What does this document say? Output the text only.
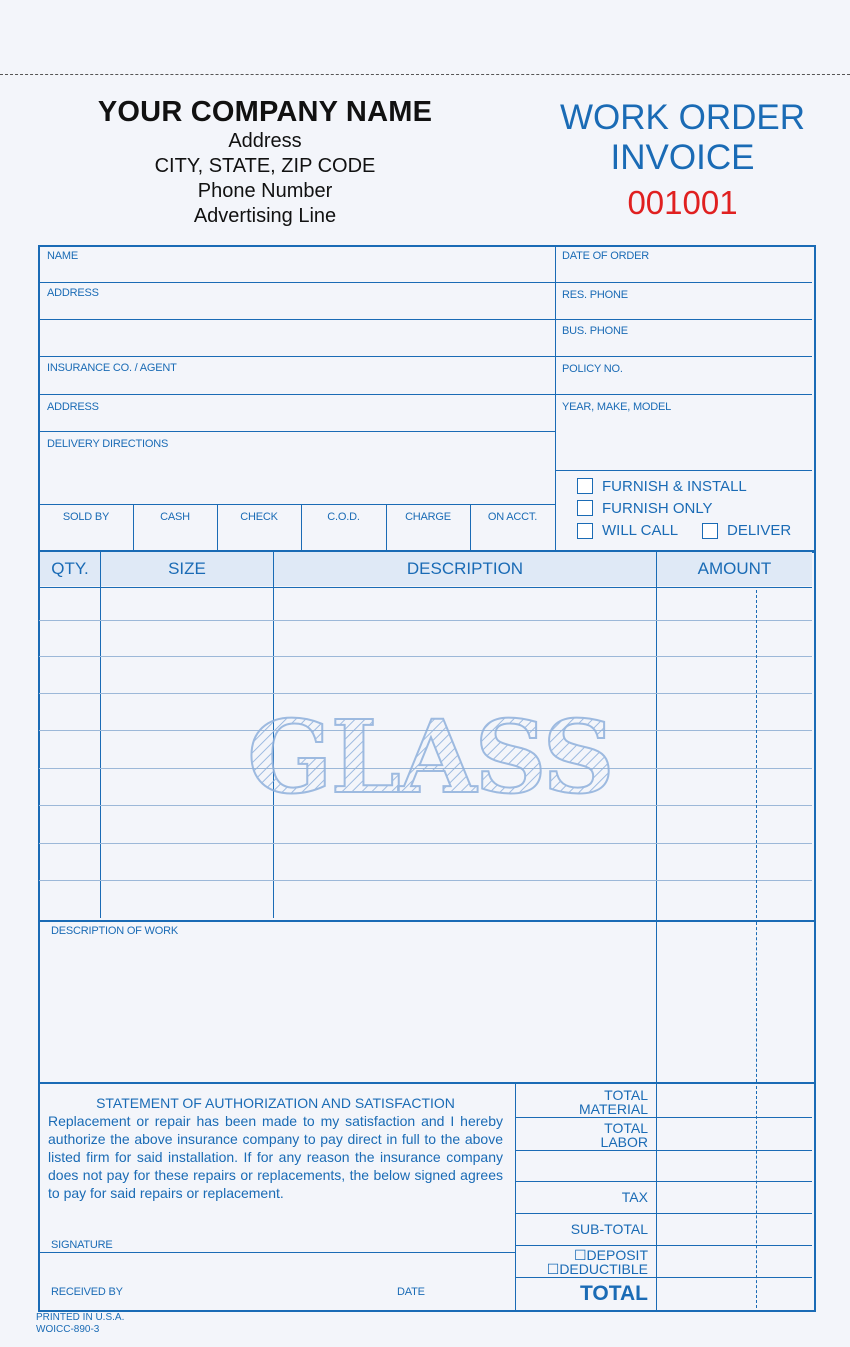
YOUR COMPANY NAME
Address
CITY, STATE, ZIP CODE
Phone Number
Advertising Line
WORK ORDER
INVOICE
001001
NAME
ADDRESS
INSURANCE CO. / AGENT
ADDRESS
DELIVERY DIRECTIONS
DATE OF ORDER
RES. PHONE
BUS. PHONE
POLICY NO.
YEAR, MAKE, MODEL
SOLD BY	CASH	CHECK	C.O.D.	CHARGE	ON ACCT.
FURNISH & INSTALL
FURNISH ONLY
WILL CALL	DELIVER
QTY.	SIZE	DESCRIPTION	AMOUNT
GLASS
DESCRIPTION OF WORK
STATEMENT OF AUTHORIZATION AND SATISFACTION
Replacement or repair has been made to my satisfaction and I hereby authorize the above insurance company to pay direct in full to the above listed firm for said installation. If for any reason the insurance company does not pay for these repairs or replacements, the below signed agrees to pay for said repairs or replacement.
SIGNATURE
RECEIVED BY	DATE
TOTAL
MATERIAL
TOTAL
LABOR
TAX
SUB-TOTAL
☐DEPOSIT
☐DEDUCTIBLE
TOTAL
PRINTED IN U.S.A.
WOICC-890-3
